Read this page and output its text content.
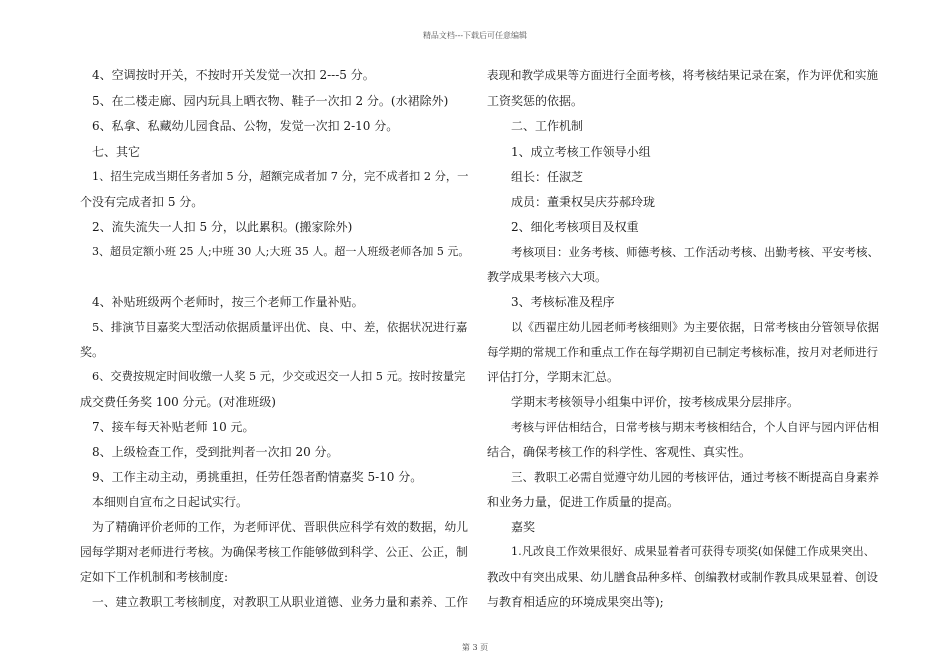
精品文档---下载后可任意编辑
4、空调按时开关，不按时开关发觉一次扣 2---5 分。
5、在二楼走廊、园内玩具上晒衣物、鞋子一次扣 2 分。(水裙除外)
6、私拿、私藏幼儿园食品、公物，发觉一次扣 2-10 分。
七、其它
1、招生完成当期任务者加 5 分，超额完成者加 7 分，完不成者扣 2 分，一
个没有完成者扣 5 分。
2、流失流失一人扣 5 分，以此累积。(搬家除外)
3、超员定额小班 25 人;中班 30 人;大班 35 人。超一人班级老师各加 5 元。
4、补贴班级两个老师时，按三个老师工作量补贴。
5、排演节目嘉奖大型活动依据质量评出优、良、中、差，依据状况进行嘉
奖。
6、交费按规定时间收缴一人奖 5 元，少交或迟交一人扣 5 元。按时按量完
成交费任务奖 100 分元。(对准班级)
7、接车每天补贴老师 10 元。
8、上级检查工作，受到批判者一次扣 20 分。
9、工作主动主动，勇挑重担，任劳任怨者酌情嘉奖 5-10 分。
本细则自宣布之日起试实行。
为了精确评价老师的工作，为老师评优、晋职供应科学有效的数据，幼儿
园每学期对老师进行考核。为确保考核工作能够做到科学、公正、公正，制
定如下工作机制和考核制度:
一、建立教职工考核制度，对教职工从职业道德、业务力量和素养、工作
表现和教学成果等方面进行全面考核，将考核结果记录在案，作为评优和实施
工资奖惩的依据。
二、工作机制
1、成立考核工作领导小组
组长：任淑芝
成员：董秉权吴庆芬郝玲珑
2、细化考核项目及权重
考核项目：业务考核、师德考核、工作活动考核、出勤考核、平安考核、
教学成果考核六大项。
3、考核标准及程序
以《西翟庄幼儿园老师考核细则》为主要依据，日常考核由分管领导依据
每学期的常规工作和重点工作在每学期初自已制定考核标准，按月对老师进行
评估打分，学期末汇总。
学期末考核领导小组集中评价，按考核成果分层排序。
考核与评估相结合，日常考核与期末考核相结合，个人自评与园内评估相
结合，确保考核工作的科学性、客观性、真实性。
三、教职工必需自觉遵守幼儿园的考核评估，通过考核不断提高自身素养
和业务力量，促进工作质量的提高。
嘉奖
1.凡改良工作效果很好、成果显着者可获得专项奖(如保健工作成果突出、
教改中有突出成果、幼儿膳食品种多样、创编教材或制作教具成果显着、创设
与教育相适应的环境成果突出等);
第 3 页
